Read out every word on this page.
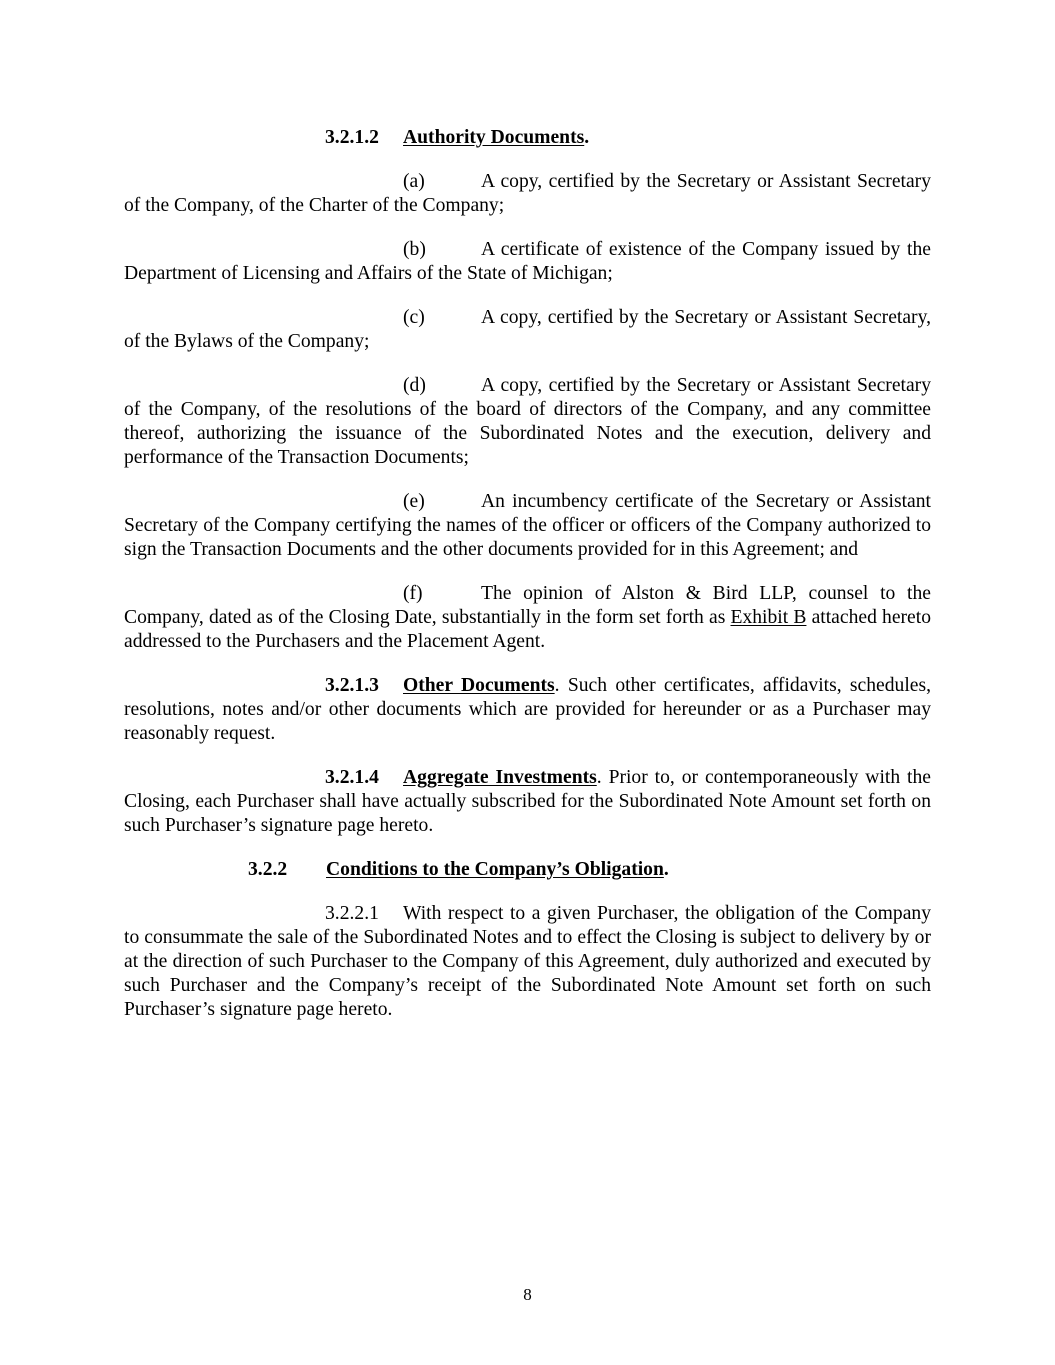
3.2.1.2 Authority Documents.
(a)	A copy, certified by the Secretary or Assistant Secretary of the Company, of the Charter of the Company;
(b)	A certificate of existence of the Company issued by the Department of Licensing and Affairs of the State of Michigan;
(c)	A copy, certified by the Secretary or Assistant Secretary, of the Bylaws of the Company;
(d)	A copy, certified by the Secretary or Assistant Secretary of the Company, of the resolutions of the board of directors of the Company, and any committee thereof, authorizing the issuance of the Subordinated Notes and the execution, delivery and performance of the Transaction Documents;
(e)	An incumbency certificate of the Secretary or Assistant Secretary of the Company certifying the names of the officer or officers of the Company authorized to sign the Transaction Documents and the other documents provided for in this Agreement; and
(f)	The opinion of Alston & Bird LLP, counsel to the Company, dated as of the Closing Date, substantially in the form set forth as Exhibit B attached hereto addressed to the Purchasers and the Placement Agent.
3.2.1.3 Other Documents. Such other certificates, affidavits, schedules, resolutions, notes and/or other documents which are provided for hereunder or as a Purchaser may reasonably request.
3.2.1.4 Aggregate Investments. Prior to, or contemporaneously with the Closing, each Purchaser shall have actually subscribed for the Subordinated Note Amount set forth on such Purchaser’s signature page hereto.
3.2.2 Conditions to the Company’s Obligation.
3.2.2.1 With respect to a given Purchaser, the obligation of the Company to consummate the sale of the Subordinated Notes and to effect the Closing is subject to delivery by or at the direction of such Purchaser to the Company of this Agreement, duly authorized and executed by such Purchaser and the Company’s receipt of the Subordinated Note Amount set forth on such Purchaser’s signature page hereto.
8
